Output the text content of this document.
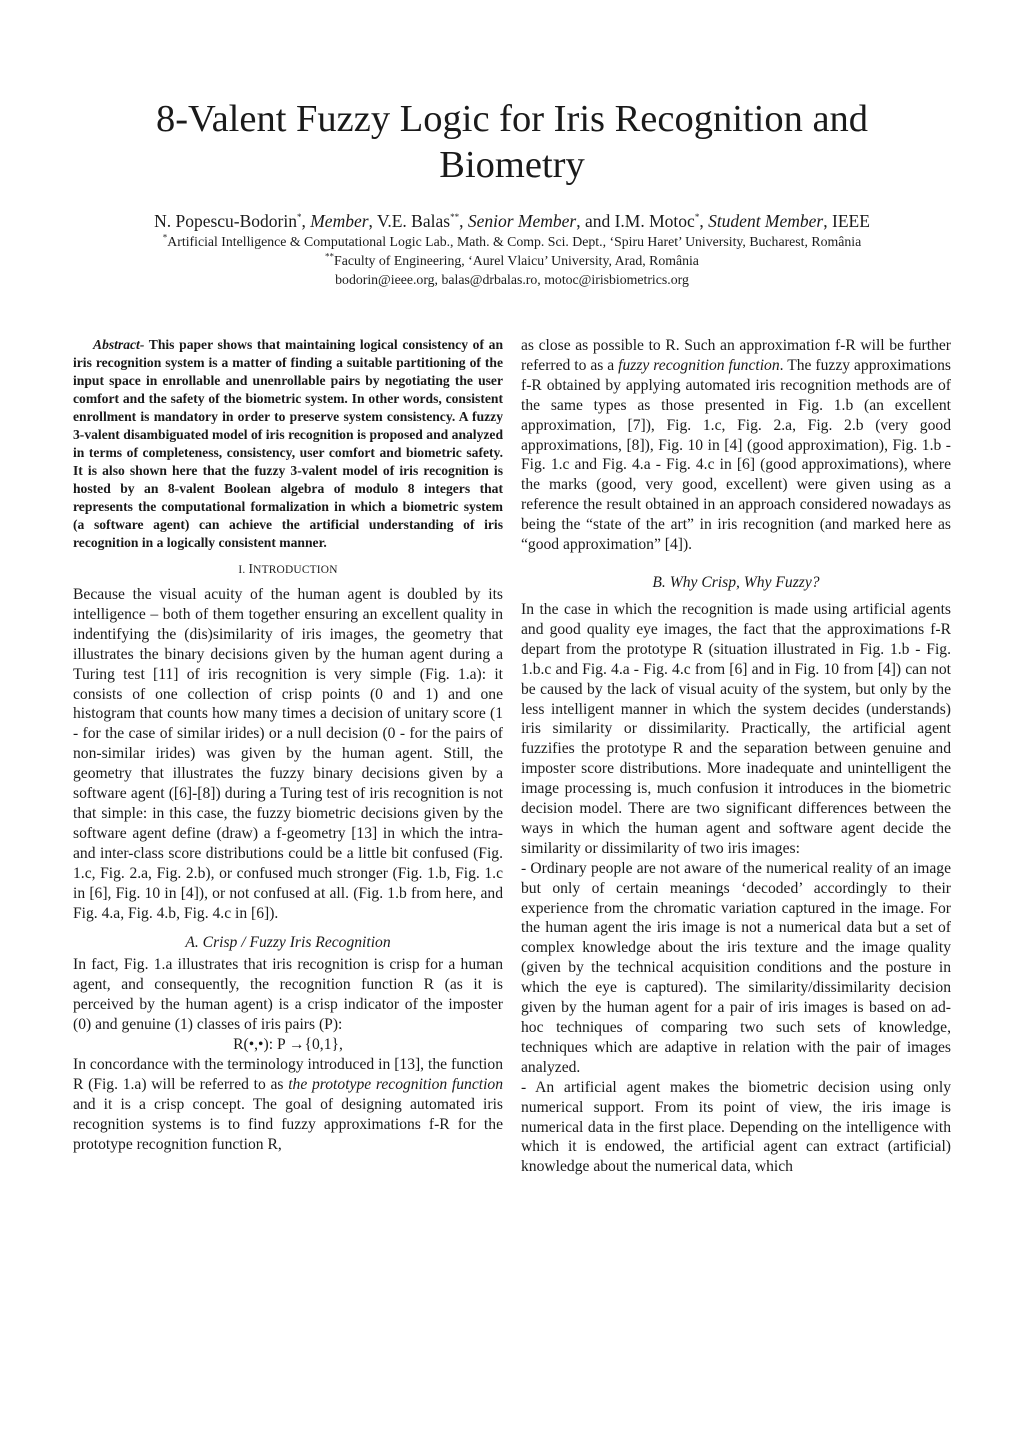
8-Valent Fuzzy Logic for Iris Recognition and Biometry

N. Popescu-Bodorin*, Member, V.E. Balas**, Senior Member, and I.M. Motoc*, Student Member, IEEE

*Artificial Intelligence & Computational Logic Lab., Math. & Comp. Sci. Dept., ‘Spiru Haret’ University, Bucharest, România

**Faculty of Engineering, ‘Aurel Vlaicu’ University, Arad, România

bodorin@ieee.org, balas@drbalas.ro, motoc@irisbiometrics.org

Abstract- This paper shows that maintaining logical consistency of an iris recognition system is a matter of finding a suitable partitioning of the input space in enrollable and unenrollable pairs by negotiating the user comfort and the safety of the biometric system. In other words, consistent enrollment is mandatory in order to preserve system consistency. A fuzzy 3-valent disambiguated model of iris recognition is proposed and analyzed in terms of completeness, consistency, user comfort and biometric safety. It is also shown here that the fuzzy 3-valent model of iris recognition is hosted by an 8-valent Boolean algebra of modulo 8 integers that represents the computational formalization in which a biometric system (a software agent) can achieve the artificial understanding of iris recognition in a logically consistent manner.

I. INTRODUCTION

Because the visual acuity of the human agent is doubled by its intelligence – both of them together ensuring an excellent quality in indentifying the (dis)similarity of iris images, the geometry that illustrates the binary decisions given by the human agent during a Turing test [11] of iris recognition is very simple (Fig. 1.a): it consists of one collection of crisp points (0 and 1) and one histogram that counts how many times a decision of unitary score (1 - for the case of similar irides) or a null decision (0 - for the pairs of non-similar irides) was given by the human agent. Still, the geometry that illustrates the fuzzy binary decisions given by a software agent ([6]-[8]) during a Turing test of iris recognition is not that simple: in this case, the fuzzy biometric decisions given by the software agent define (draw) a f-geometry [13] in which the intra- and inter-class score distributions could be a little bit confused (Fig. 1.c, Fig. 2.a, Fig. 2.b), or confused much stronger (Fig. 1.b, Fig. 1.c in [6], Fig. 10 in [4]), or not confused at all. (Fig. 1.b from here, and Fig. 4.a, Fig. 4.b, Fig. 4.c in [6]).

A. Crisp / Fuzzy Iris Recognition

In fact, Fig. 1.a illustrates that iris recognition is crisp for a human agent, and consequently, the recognition function R (as it is perceived by the human agent) is a crisp indicator of the imposter (0) and genuine (1) classes of iris pairs (P):

R(•,•): P →{0,1},

In concordance with the terminology introduced in [13], the function R (Fig. 1.a) will be referred to as the prototype recognition function and it is a crisp concept. The goal of designing automated iris recognition systems is to find fuzzy approximations f-R for the prototype recognition function R,

as close as possible to R. Such an approximation f-R will be further referred to as a fuzzy recognition function. The fuzzy approximations f-R obtained by applying automated iris recognition methods are of the same types as those presented in Fig. 1.b (an excellent approximation, [7]), Fig. 1.c, Fig. 2.a, Fig. 2.b (very good approximations, [8]), Fig. 10 in [4] (good approximation), Fig. 1.b - Fig. 1.c and Fig. 4.a - Fig. 4.c in [6] (good approximations), where the marks (good, very good, excellent) were given using as a reference the result obtained in an approach considered nowadays as being the “state of the art” in iris recognition (and marked here as “good approximation” [4]).

B. Why Crisp, Why Fuzzy?

In the case in which the recognition is made using artificial agents and good quality eye images, the fact that the approximations f-R depart from the prototype R (situation illustrated in Fig. 1.b - Fig. 1.b.c and Fig. 4.a - Fig. 4.c from [6] and in Fig. 10 from [4]) can not be caused by the lack of visual acuity of the system, but only by the less intelligent manner in which the system decides (understands) iris similarity or dissimilarity. Practically, the artificial agent fuzzifies the prototype R and the separation between genuine and imposter score distributions. More inadequate and unintelligent the image processing is, much confusion it introduces in the biometric decision model. There are two significant differences between the ways in which the human agent and software agent decide the similarity or dissimilarity of two iris images:

- Ordinary people are not aware of the numerical reality of an image but only of certain meanings ‘decoded’ accordingly to their experience from the chromatic variation captured in the image. For the human agent the iris image is not a numerical data but a set of complex knowledge about the iris texture and the image quality (given by the technical acquisition conditions and the posture in which the eye is captured). The similarity/dissimilarity decision given by the human agent for a pair of iris images is based on ad-hoc techniques of comparing two such sets of knowledge, techniques which are adaptive in relation with the pair of images analyzed.

- An artificial agent makes the biometric decision using only numerical support. From its point of view, the iris image is numerical data in the first place. Depending on the intelligence with which it is endowed, the artificial agent can extract (artificial) knowledge about the numerical data, which
